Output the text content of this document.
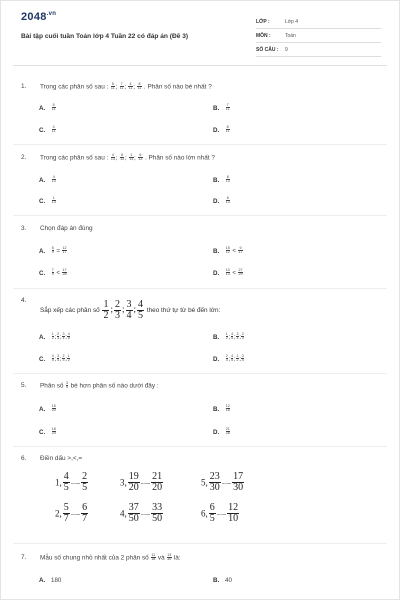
$2048^{.vn}$
Bài tập cuối tuần Toán lớp 4 Tuần 22 có đáp án (Đề 3)
LỚP :	Lớp 4
MÔN :	Toán
SỐ CÂU : 9
1. Trong các phân số sau : $\frac{5}{11}$ ; $\frac{7}{11}$ ; $\frac{4}{11}$ ; $\frac{8}{11}$ . Phân số nào bé nhất ?
A. $\frac{5}{11}$	B. $\frac{7}{11}$
C. $\frac{4}{11}$	D. $\frac{8}{11}$
2. Trong các phân số sau : $\frac{4}{13}$ ; $\frac{8}{13}$ ; $\frac{1}{13}$ ; $\frac{6}{13}$ . Phân số nào lớn nhất ?
A. $\frac{4}{13}$	B. $\frac{8}{13}$
C. $\frac{1}{13}$	D. $\frac{6}{13}$
3. Chọn đáp án đúng
A. $\frac{5}{9} = \frac{12}{17}$	B. $\frac{15}{12} < \frac{9}{17}$
C. $\frac{7}{9} < \frac{17}{28}$	D. $\frac{10}{13} < \frac{27}{29}$
4.
Sắp xếp các phân số $\frac{1}{2}$ ; $\frac{2}{3}$ ; $\frac{3}{4}$ ; $\frac{4}{5}$ theo thứ tự từ bé đến lớn:
A. $\frac{1}{2}$ ; $\frac{2}{3}$ ; $\frac{3}{4}$ ; $\frac{4}{5}$	B. $\frac{1}{2}$ ; $\frac{4}{5}$ ; $\frac{3}{4}$ ; $\frac{2}{3}$
C. $\frac{4}{5}$ ; $\frac{3}{4}$ ; $\frac{2}{3}$ ; $\frac{1}{2}$	D. $\frac{2}{3}$ ; $\frac{4}{5}$ ; $\frac{1}{2}$ ; $\frac{3}{4}$
5. Phân số $\frac{3}{4}$ bé hơn phân số nào dưới đây :
A. $\frac{15}{20}$	B. $\frac{12}{16}$
C. $\frac{18}{24}$	D. $\frac{21}{28}$
6. Điền dấu >,<,=
1, $\frac{4}{5}$ ........ $\frac{2}{5}$	3, $\frac{19}{20}$ ........ $\frac{21}{20}$	5, $\frac{23}{30}$ ........ $\frac{17}{30}$
2, $\frac{5}{7}$ ........ $\frac{6}{7}$	4, $\frac{37}{50}$ ........ $\frac{33}{50}$	6, $\frac{6}{5}$ ........ $\frac{12}{10}$
7. Mẫu số chung nhỏ nhất của 2 phân số $\frac{11}{18}$ và $\frac{13}{30}$ là:
A. 180	B. 40
